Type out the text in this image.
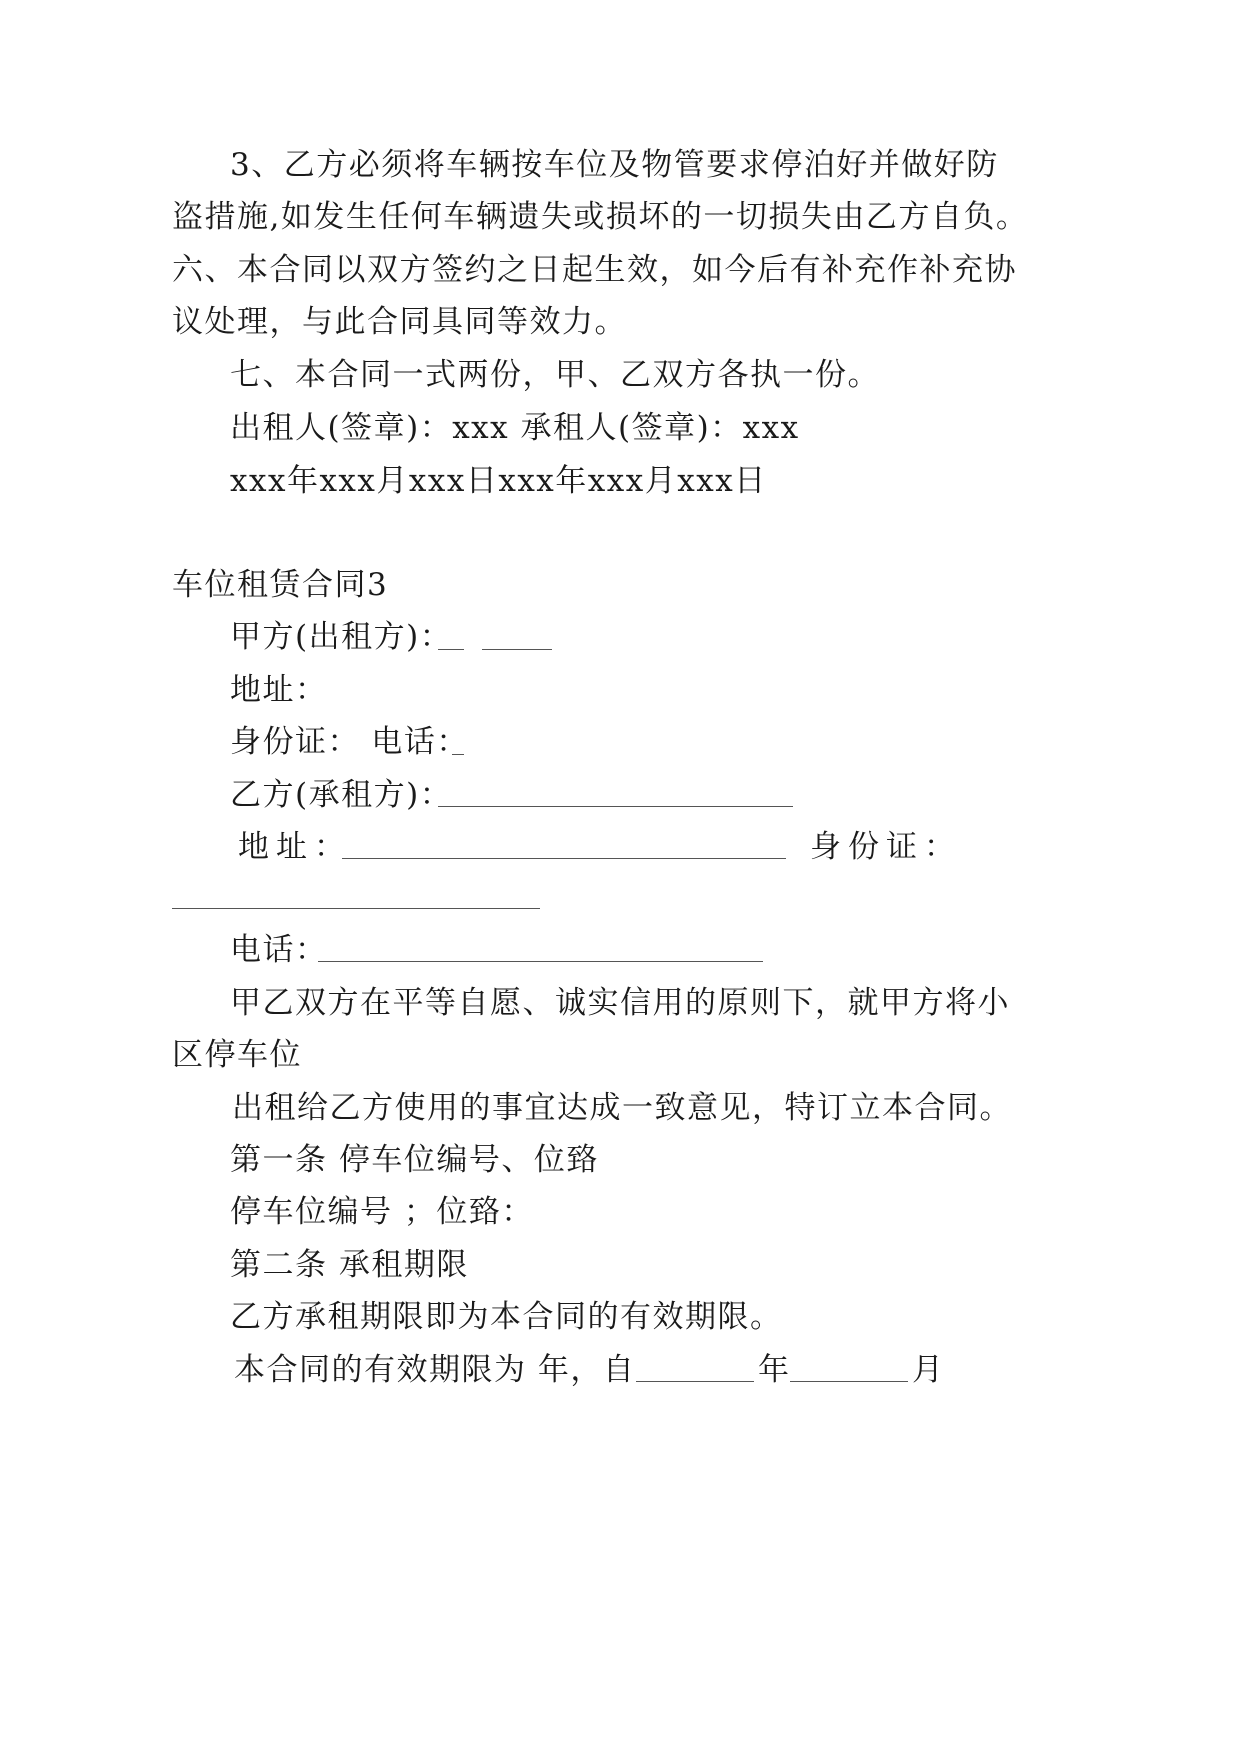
3、乙方必须将车辆按车位及物管要求停泊好并做好防
盗措施,如发生任何车辆遗失或损坏的一切损失由乙方自负。
六、本合同以双方签约之日起生效，如今后有补充作补充协
议处理，与此合同具同等效力。
七、本合同一式两份，甲、乙双方各执一份。
出租人(签章)：xxx 承租人(签章)：xxx
xxx年xxx月xxx日xxx年xxx月xxx日
车位租赁合同3
甲方(出租方)：
地址：
身份证： 电话：
乙方(承租方)：
地址：	身份证：
电话：
甲乙双方在平等自愿、诚实信用的原则下，就甲方将小
区停车位
出租给乙方使用的事宜达成一致意见，特订立本合同。
第一条 停车位编号、位臵
停车位编号 ；位臵：
第二条 承租期限
乙方承租期限即为本合同的有效期限。
本合同的有效期限为 年，自	年	月
